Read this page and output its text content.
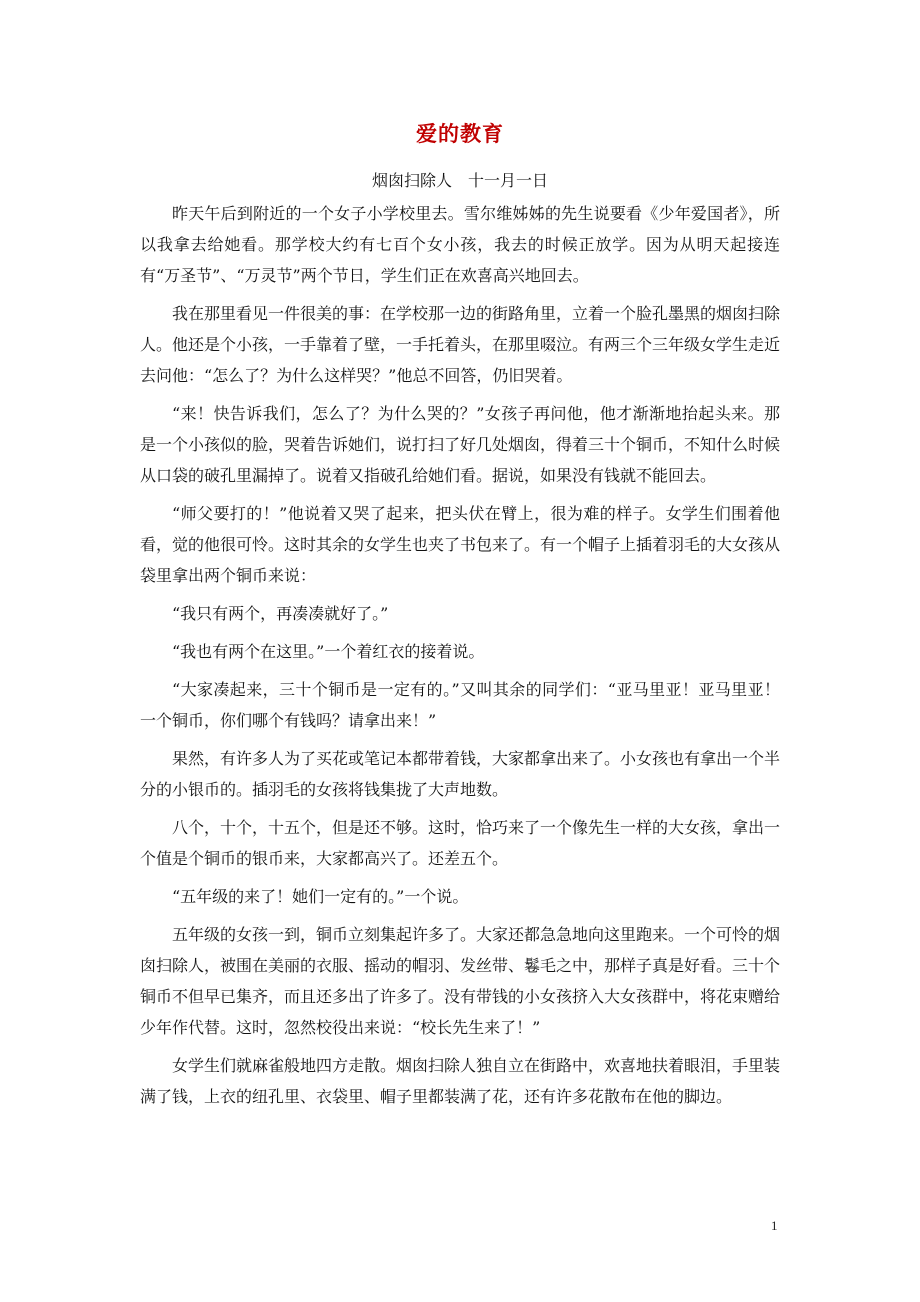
爱的教育
烟囱扫除人　十一月一日

昨天午后到附近的一个女子小学校里去。雪尔维姊姊的先生说要看《少年爱国者》，所以我拿去给她看。那学校大约有七百个女小孩，我去的时候正放学。因为从明天起接连有“万圣节”、“万灵节”两个节日，学生们正在欢喜高兴地回去。

我在那里看见一件很美的事：在学校那一边的街路角里，立着一个脸孔墨黑的烟囱扫除人。他还是个小孩，一手靠着了壁，一手托着头，在那里啜泣。有两三个三年级女学生走近去问他：“怎么了？为什么这样哭？”他总不回答，仍旧哭着。

“来！快告诉我们，怎么了？为什么哭的？”女孩子再问他，他才渐渐地抬起头来。那是一个小孩似的脸，哭着告诉她们，说打扫了好几处烟囱，得着三十个铜币，不知什么时候从口袋的破孔里漏掉了。说着又指破孔给她们看。据说，如果没有钱就不能回去。

“师父要打的！”他说着又哭了起来，把头伏在臂上，很为难的样子。女学生们围着他看，觉的他很可怜。这时其余的女学生也夹了书包来了。有一个帽子上插着羽毛的大女孩从袋里拿出两个铜币来说：

“我只有两个，再凑凑就好了。”

“我也有两个在这里。”一个着红衣的接着说。

“大家凑起来，三十个铜币是一定有的。”又叫其余的同学们：“亚马里亚！亚马里亚！一个铜币，你们哪个有钱吗？请拿出来！”

果然，有许多人为了买花或笔记本都带着钱，大家都拿出来了。小女孩也有拿出一个半分的小银币的。插羽毛的女孩将钱集拢了大声地数。

八个，十个，十五个，但是还不够。这时，恰巧来了一个像先生一样的大女孩，拿出一个值是个铜币的银币来，大家都高兴了。还差五个。

“五年级的来了！她们一定有的。”一个说。

五年级的女孩一到，铜币立刻集起许多了。大家还都急急地向这里跑来。一个可怜的烟囱扫除人，被围在美丽的衣服、摇动的帽羽、发丝带、鬈毛之中，那样子真是好看。三十个铜币不但早已集齐，而且还多出了许多了。没有带钱的小女孩挤入大女孩群中，将花束赠给少年作代替。这时，忽然校役出来说：“校长先生来了！”

女学生们就麻雀般地四方走散。烟囱扫除人独自立在街路中，欢喜地扶着眼泪，手里装满了钱，上衣的纽孔里、衣袋里、帽子里都装满了花，还有许多花散布在他的脚边。

1
